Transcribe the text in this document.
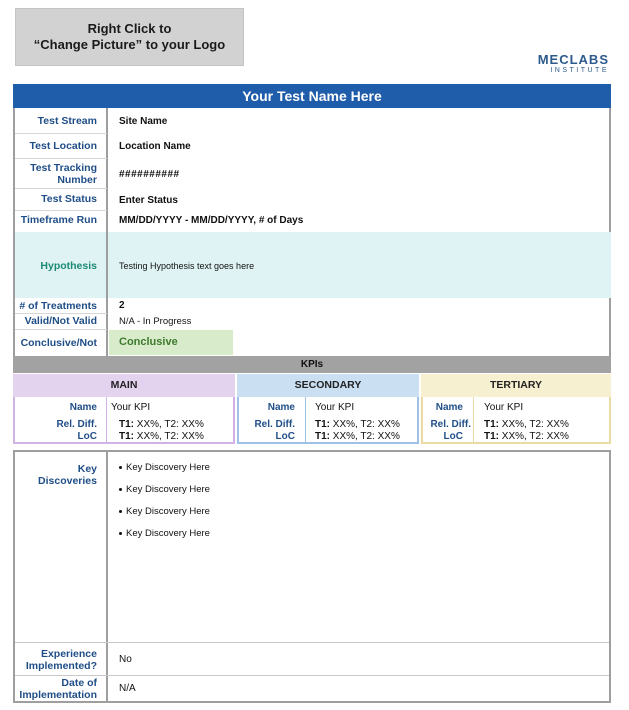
Right Click to
“Change Picture” to your Logo
MECLABS
INSTITUTE
Your Test Name Here
Test Stream Site Name
Test Location Location Name
Test Tracking
Number ##########
Test Status Enter Status
Timeframe Run MM/DD/YYYY - MM/DD/YYYY, # of Days
Hypothesis Testing Hypothesis text goes here
# of Treatments 2
Valid/Not Valid N/A - In Progress
Conclusive/Not	Conclusive
KPIs
MAIN
Name Your KPI
Rel. Diff.
LoC
T1: XX%, T2: XX%
T1: XX%, T2: XX%
SECONDARY
Name Your KPI
Rel. Diff.
LoC
T1: XX%, T2: XX%
T1: XX%, T2: XX%
TERTIARY
Name Your KPI
Rel. Diff.
LoC
T1: XX%, T2: XX%
T1: XX%, T2: XX%
Key
Discoveries
Key Discovery Here
Key Discovery Here
Key Discovery Here
Key Discovery Here
Experience
Implemented?
No
Date of
Implementation
N/A
